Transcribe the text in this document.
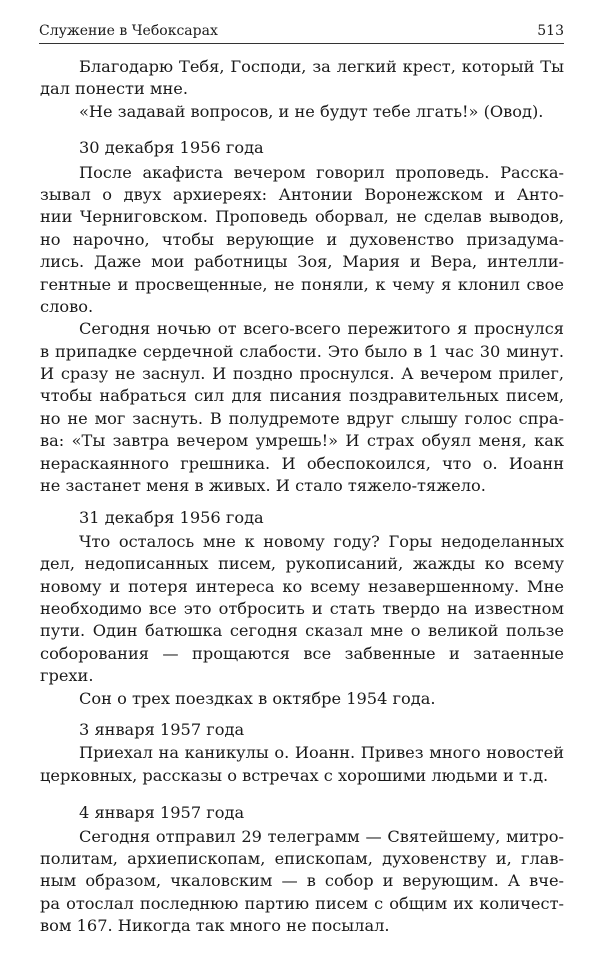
Служение в Чебоксарах	513
Благодарю Тебя, Господи, за легкий крест, который Ты
дал понести мне.
«Не задавай вопросов, и не будут тебе лгать!» (Овод).
30 декабря 1956 года
После акафиста вечером говорил проповедь. Расска-
зывал о двух архиереях: Антонии Воронежском и Анто-
нии Черниговском. Проповедь оборвал, не сделав выводов,
но нарочно, чтобы верующие и духовенство призадума-
лись. Даже мои работницы Зоя, Мария и Вера, интелли-
гентные и просвещенные, не поняли, к чему я клонил свое
слово.
Сегодня ночью от всего-всего пережитого я проснулся
в припадке сердечной слабости. Это было в 1 час 30 минут.
И сразу не заснул. И поздно проснулся. А вечером прилег,
чтобы набраться сил для писания поздравительных писем,
но не мог заснуть. В полудремоте вдруг слышу голос спра-
ва: «Ты завтра вечером умрешь!» И страх обуял меня, как
нераскаянного грешника. И обеспокоился, что о. Иоанн
не застанет меня в живых. И стало тяжело-тяжело.
31 декабря 1956 года
Что осталось мне к новому году? Горы недоделанных
дел, недописанных писем, рукописаний, жажды ко всему
новому и потеря интереса ко всему незавершенному. Мне
необходимо все это отбросить и стать твердо на известном
пути. Один батюшка сегодня сказал мне о великой пользе
соборования — прощаются все забвенные и затаенные
грехи.
Сон о трех поездках в октябре 1954 года.
3 января 1957 года
Приехал на каникулы о. Иоанн. Привез много новостей
церковных, рассказы о встречах с хорошими людьми и т.д.
4 января 1957 года
Сегодня отправил 29 телеграмм — Святейшему, митро-
политам, архиепископам, епископам, духовенству и, глав-
ным образом, чкаловским — в собор и верующим. А вче-
ра отослал последнюю партию писем с общим их количест-
вом 167. Никогда так много не посылал.
